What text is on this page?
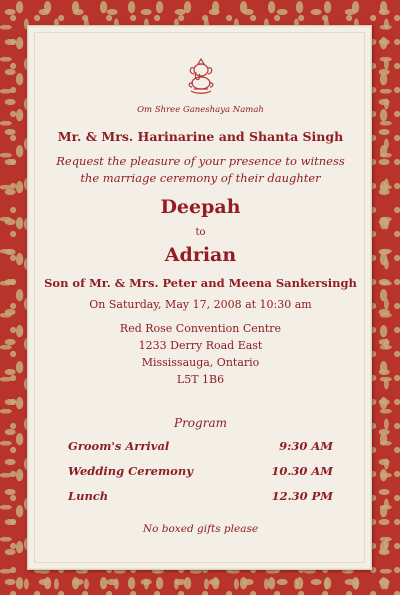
Om Shree Ganeshaya Namah
Mr. & Mrs. Harinarine and Shanta Singh
Request the pleasure of your presence to witness
the marriage ceremony of their daughter
Deepah
to
Adrian
Son of Mr. & Mrs. Peter and Meena Sankersingh
On Saturday, May 17, 2008 at 10:30 am
Red Rose Convention Centre
1233 Derry Road East
Mississauga, Ontario
L5T 1B6
Program
Groom's Arrival	9:30 AM
Wedding Ceremony	10.30 AM
Lunch	12.30 PM
No boxed gifts please
